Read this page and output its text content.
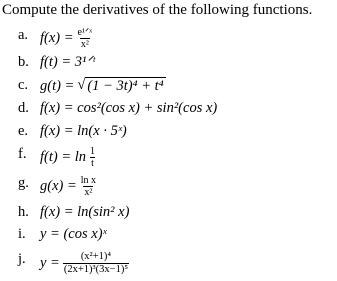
Compute the derivatives of the following functions.
a. $f(x) = \frac{\text{e¹ᐟˣ}}{\text{x²}}$
b. f(t) = 3¹ᐟᵗ
c. g(t) = √ (1 − 3t)⁴ + t⁴
d. f(x) = cos²(cos x) + sin²(cos x)
e. f(x) = ln(x · 5ˣ)
f. $f(t) = \ln \frac{1}{t}$
g. $g(x) = \frac{\text{ln x}}{\text{x²}}$
h. f(x) = ln(sin² x)
i. y = (cos x)ˣ
j. $y = \frac{\text{(x²+1)⁴}}{\text{(2x+1)³(3x−1)⁵}}$
